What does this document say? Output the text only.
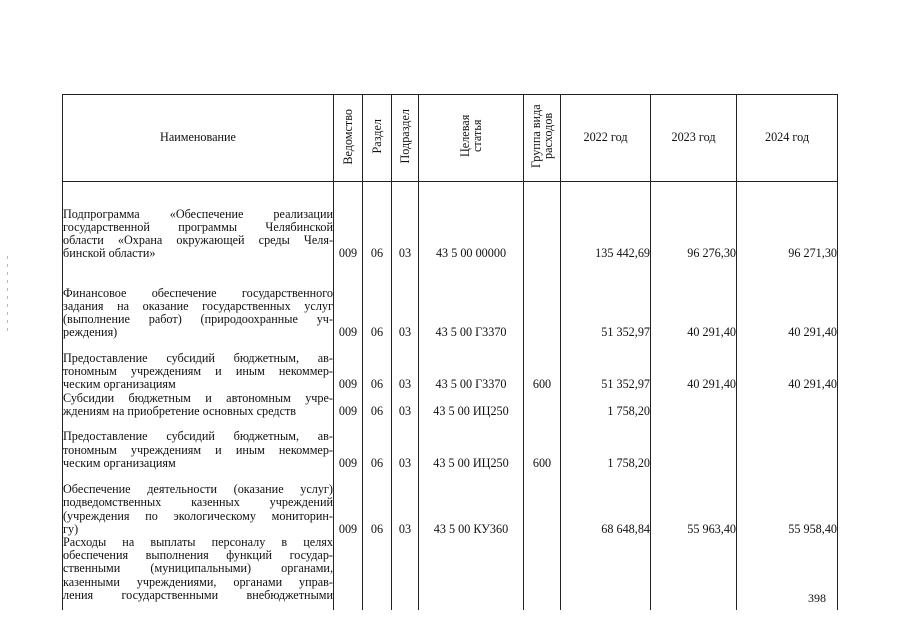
Наименование	Ведомство	Раздел	Подраздел	Целевая статья	Группа вида расходов	2022 год	2023 год	2024 год

Подпрограмма «Обеспечение реализации
государственной программы Челябинской
области «Охрана окружающей среды Челя-
бинской области»	009	06	03	43 5 00 00000		135 442,69	96 276,30	96 271,30

Финансовое обеспечение государственного
задания на оказание государственных услуг
(выполнение работ) (природоохранные уч-
реждения)	009	06	03	43 5 00 Г3370		51 352,97	40 291,40	40 291,40

Предоставление субсидий бюджетным, ав-
тономным учреждениям и иным некоммер-
ческим организациям	009	06	03	43 5 00 Г3370	600	51 352,97	40 291,40	40 291,40

Субсидии бюджетным и автономным учре-
ждениям на приобретение основных средств	009	06	03	43 5 00 ИЦ250		1 758,20		

Предоставление субсидий бюджетным, ав-
тономным учреждениям и иным некоммер-
ческим организациям	009	06	03	43 5 00 ИЦ250	600	1 758,20		

Обеспечение деятельности (оказание услуг)
подведомственных казенных учреждений
(учреждения по экологическому мониторин-
гу)	009	06	03	43 5 00 КУ360		68 648,84	55 963,40	55 958,40

Расходы на выплаты персоналу в целях
обеспечения выполнения функций государ-
ственными (муниципальными) органами,
казенными учреждениями, органами управ-
ления государственными внебюджетными								
									398
